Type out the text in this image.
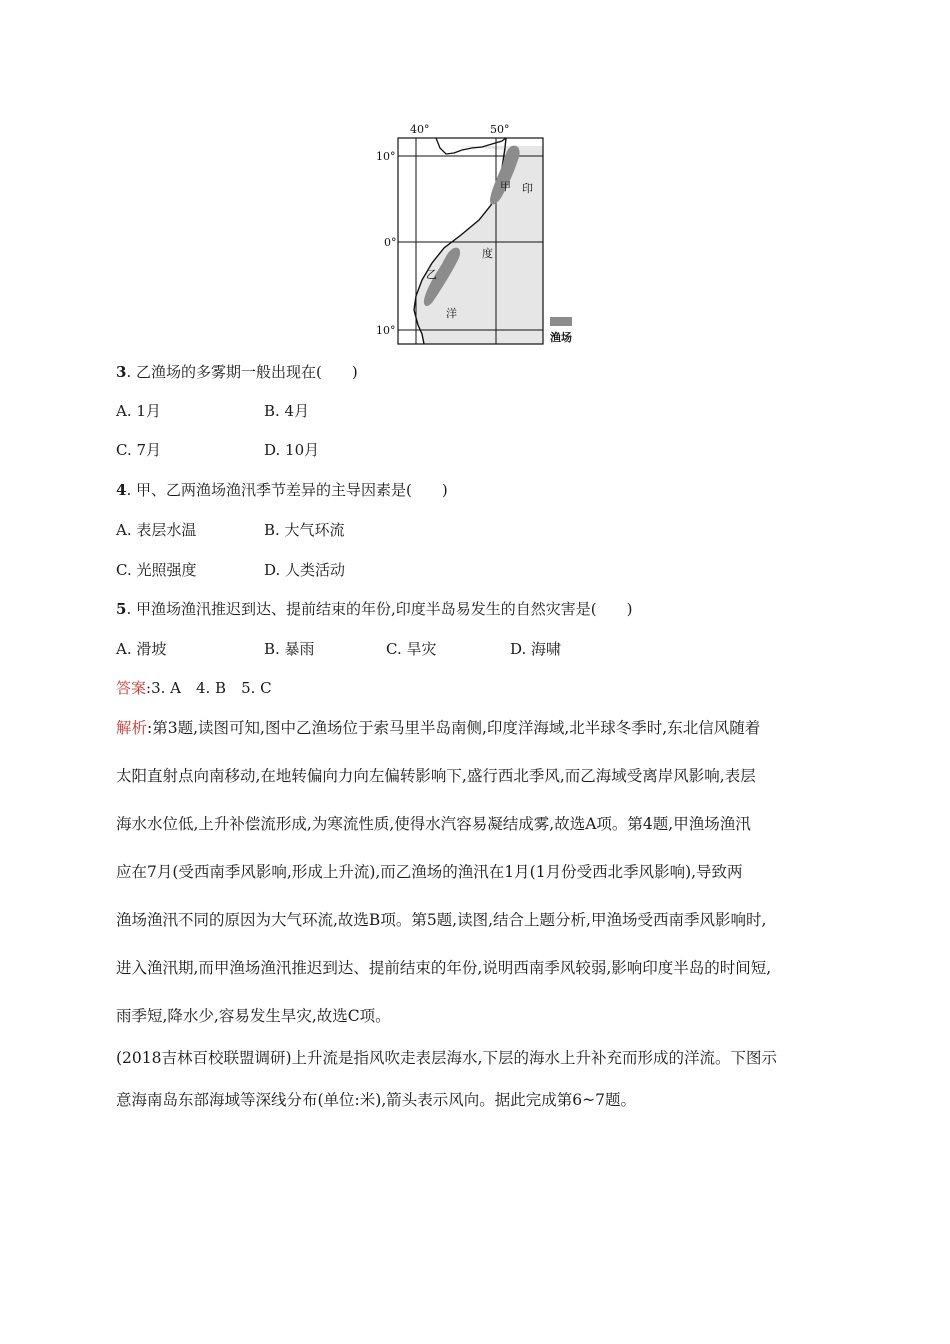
40°	50°
10°
0°
10°
甲 印
度
乙
洋
渔场
3. 乙渔场的多雾期一般出现在(　　)
A. 1月	B. 4月
C. 7月	D. 10月
4. 甲、乙两渔场渔汛季节差异的主导因素是(　　)
A. 表层水温	B. 大气环流
C. 光照强度	D. 人类活动
5. 甲渔场渔汛推迟到达、提前结束的年份,印度半岛易发生的自然灾害是(　　)
A. 滑坡	B. 暴雨	C. 旱灾	D. 海啸
答案:3. A　4. B　5. C
解析:第3题,读图可知,图中乙渔场位于索马里半岛南侧,印度洋海域,北半球冬季时,东北信风随着
太阳直射点向南移动,在地转偏向力向左偏转影响下,盛行西北季风,而乙海域受离岸风影响,表层
海水水位低,上升补偿流形成,为寒流性质,使得水汽容易凝结成雾,故选A项。第4题,甲渔场渔汛
应在7月(受西南季风影响,形成上升流),而乙渔场的渔汛在1月(1月份受西北季风影响),导致两
渔场渔汛不同的原因为大气环流,故选B项。第5题,读图,结合上题分析,甲渔场受西南季风影响时,
进入渔汛期,而甲渔场渔汛推迟到达、提前结束的年份,说明西南季风较弱,影响印度半岛的时间短,
雨季短,降水少,容易发生旱灾,故选C项。
(2018吉林百校联盟调研)上升流是指风吹走表层海水,下层的海水上升补充而形成的洋流。下图示
意海南岛东部海域等深线分布(单位:米),箭头表示风向。据此完成第6~7题。
